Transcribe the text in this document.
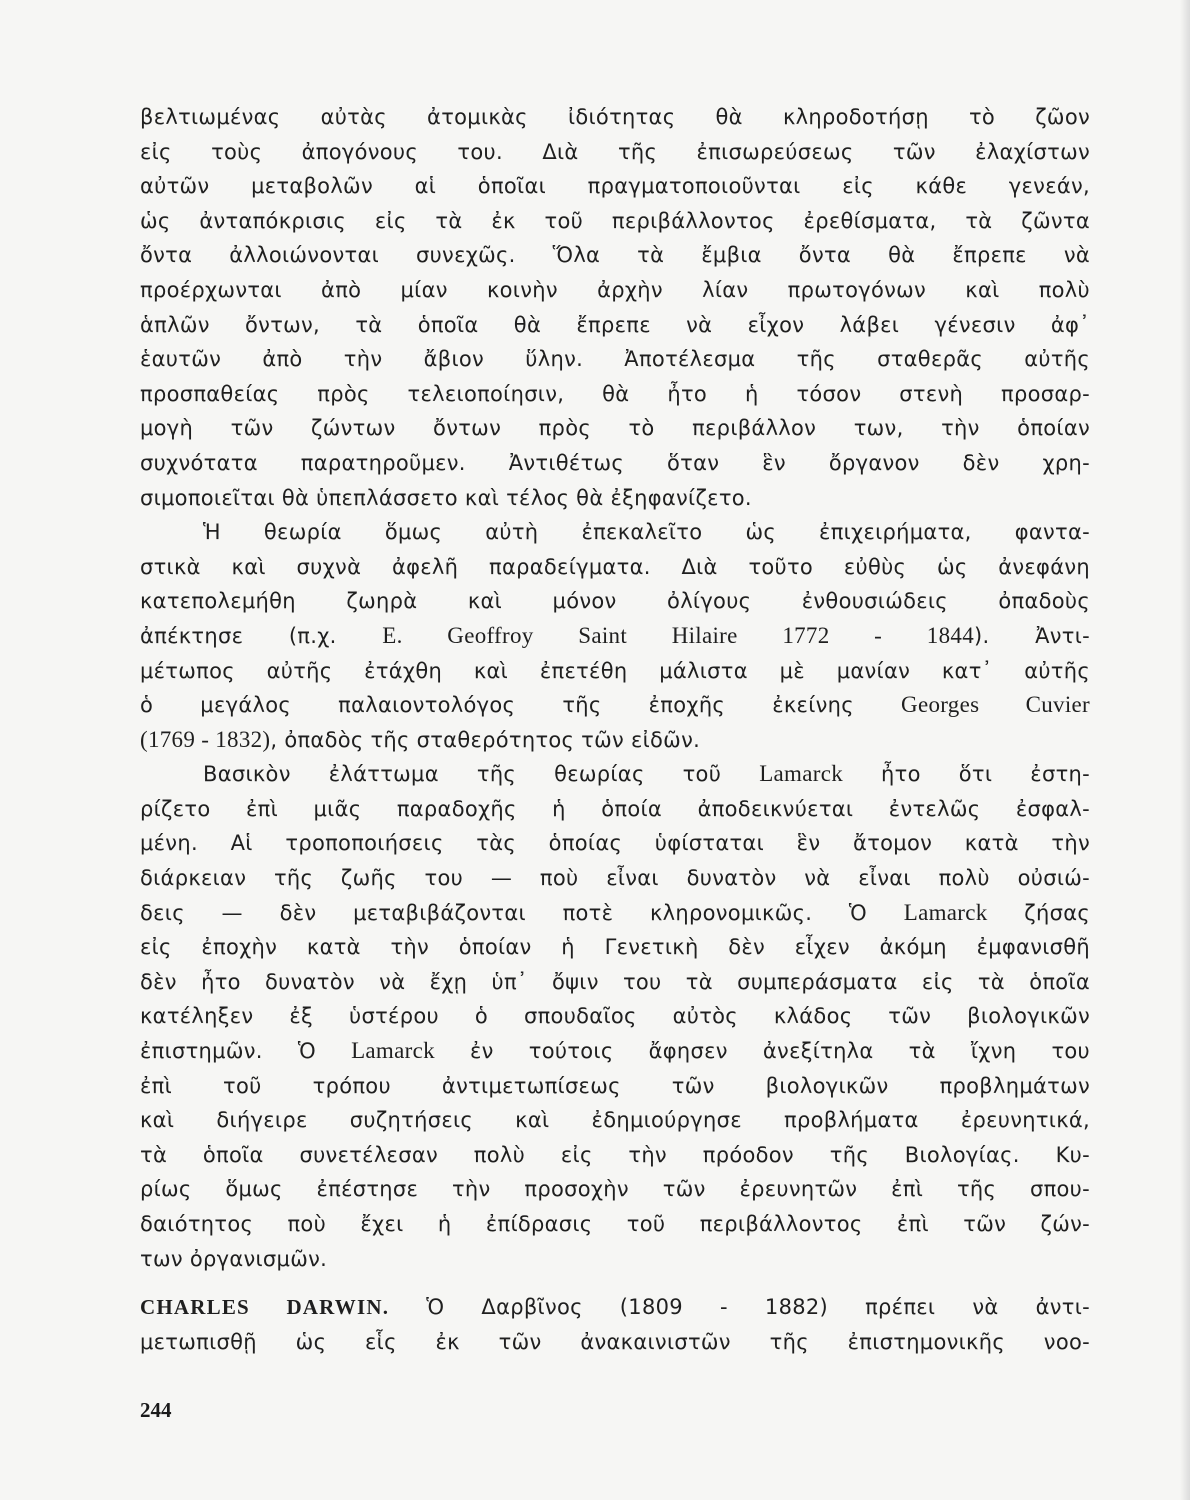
βελτιωμένας αὐτὰς ἀτομικὰς ἰδιότητας θὰ κληροδοτήσῃ τὸ ζῶον
εἰς τοὺς ἀπογόνους του. Διὰ τῆς ἐπισωρεύσεως τῶν ἐλαχίστων
αὐτῶν μεταβολῶν αἱ ὁποῖαι πραγματοποιοῦνται εἰς κάθε γενεάν,
ὡς ἀνταπόκρισις εἰς τὰ ἐκ τοῦ περιβάλλοντος ἐρεθίσματα, τὰ ζῶντα
ὄντα ἀλλοιώνονται συνεχῶς. Ὅλα τὰ ἔμβια ὄντα θὰ ἔπρεπε νὰ
προέρχωνται ἀπὸ μίαν κοινὴν ἀρχὴν λίαν πρωτογόνων καὶ πολὺ
ἁπλῶν ὄντων, τὰ ὁποῖα θὰ ἔπρεπε νὰ εἶχον λάβει γένεσιν ἀφ᾽
ἑαυτῶν ἀπὸ τὴν ἄβιον ὕλην. Ἀποτέλεσμα τῆς σταθερᾶς αὐτῆς
προσπαθείας πρὸς τελειοποίησιν, θὰ ἦτο ἡ τόσον στενὴ προσαρ-
μογὴ τῶν ζώντων ὄντων πρὸς τὸ περιβάλλον των, τὴν ὁποίαν
συχνότατα παρατηροῦμεν. Ἀντιθέτως ὅταν ἓν ὄργανον δὲν χρη-
σιμοποιεῖται θὰ ὑπεπλάσσετο καὶ τέλος θὰ ἐξηφανίζετο.
Ἡ θεωρία ὅμως αὐτὴ ἐπεκαλεῖτο ὡς ἐπιχειρήματα, φαντα-
στικὰ καὶ συχνὰ ἀφελῆ παραδείγματα. Διὰ τοῦτο εὐθὺς ὡς ἀνεφάνη
κατεπολεμήθη ζωηρὰ καὶ μόνον ὀλίγους ἐνθουσιώδεις ὀπαδοὺς
ἀπέκτησε (π.χ. E. Geoffroy Saint Hilaire 1772 - 1844). Ἀντι-
μέτωπος αὐτῆς ἐτάχθη καὶ ἐπετέθη μάλιστα μὲ μανίαν κατ᾽ αὐτῆς
ὁ μεγάλος παλαιοντολόγος τῆς ἐποχῆς ἐκείνης Georges Cuvier
(1769 - 1832), ὀπαδὸς τῆς σταθερότητος τῶν εἰδῶν.
Βασικὸν ἐλάττωμα τῆς θεωρίας τοῦ Lamarck ἦτο ὅτι ἐστη-
ρίζετο ἐπὶ μιᾶς παραδοχῆς ἡ ὁποία ἀποδεικνύεται ἐντελῶς ἐσφαλ-
μένη. Αἱ τροποποιήσεις τὰς ὁποίας ὑφίσταται ἓν ἄτομον κατὰ τὴν
διάρκειαν τῆς ζωῆς του — ποὺ εἶναι δυνατὸν νὰ εἶναι πολὺ οὐσιώ-
δεις — δὲν μεταβιβάζονται ποτὲ κληρονομικῶς. Ὁ Lamarck ζήσας
εἰς ἐποχὴν κατὰ τὴν ὁποίαν ἡ Γενετικὴ δὲν εἶχεν ἀκόμη ἐμφανισθῆ
δὲν ἦτο δυνατὸν νὰ ἔχῃ ὑπ᾽ ὄψιν του τὰ συμπεράσματα εἰς τὰ ὁποῖα
κατέληξεν ἐξ ὑστέρου ὁ σπουδαῖος αὐτὸς κλάδος τῶν βιολογικῶν
ἐπιστημῶν. Ὁ Lamarck ἐν τούτοις ἄφησεν ἀνεξίτηλα τὰ ἴχνη του
ἐπὶ τοῦ τρόπου ἀντιμετωπίσεως τῶν βιολογικῶν προβλημάτων
καὶ διήγειρε συζητήσεις καὶ ἐδημιούργησε προβλήματα ἐρευνητικά,
τὰ ὁποῖα συνετέλεσαν πολὺ εἰς τὴν πρόοδον τῆς Βιολογίας. Κυ-
ρίως ὅμως ἐπέστησε τὴν προσοχὴν τῶν ἐρευνητῶν ἐπὶ τῆς σπου-
δαιότητος ποὺ ἔχει ἡ ἐπίδρασις τοῦ περιβάλλοντος ἐπὶ τῶν ζών-
των ὀργανισμῶν.
CHARLES DARWIN. Ὁ Δαρβῖνος (1809 - 1882) πρέπει νὰ ἀντι-
μετωπισθῇ ὡς εἷς ἐκ τῶν ἀνακαινιστῶν τῆς ἐπιστημονικῆς νοο-
244
